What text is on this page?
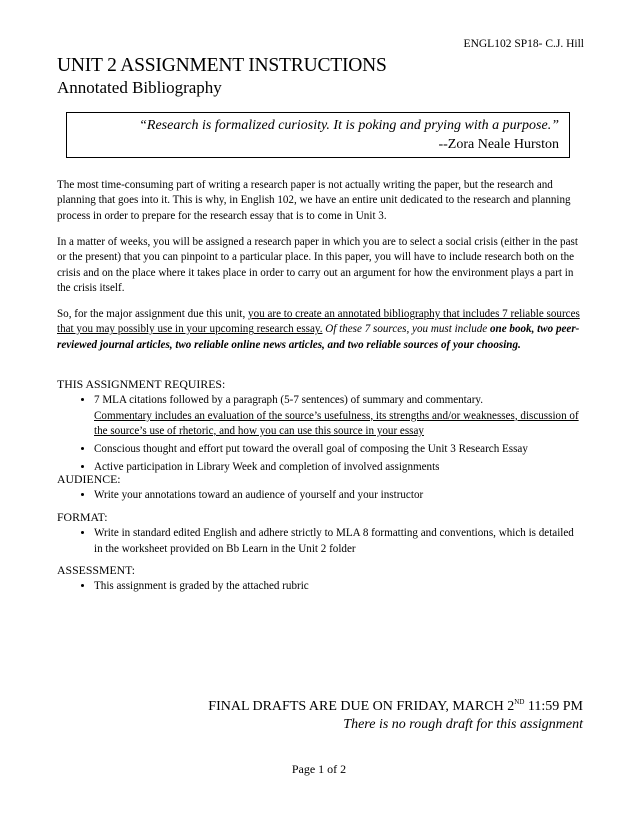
ENGL102 SP18- C.J. Hill
UNIT 2 ASSIGNMENT INSTRUCTIONS
Annotated Bibliography
“Research is formalized curiosity. It is poking and prying with a purpose.”
--Zora Neale Hurston
The most time-consuming part of writing a research paper is not actually writing the paper, but the research and planning that goes into it. This is why, in English 102, we have an entire unit dedicated to the research and planning process in order to prepare for the research essay that is to come in Unit 3.
In a matter of weeks, you will be assigned a research paper in which you are to select a social crisis (either in the past or the present) that you can pinpoint to a particular place. In this paper, you will have to include research both on the crisis and on the place where it takes place in order to carry out an argument for how the environment plays a part in the crisis itself.
So, for the major assignment due this unit, you are to create an annotated bibliography that includes 7 reliable sources that you may possibly use in your upcoming research essay. Of these 7 sources, you must include one book, two peer-reviewed journal articles, two reliable online news articles, and two reliable sources of your choosing.
THIS ASSIGNMENT REQUIRES:
• 7 MLA citations followed by a paragraph (5-7 sentences) of summary and commentary.
Commentary includes an evaluation of the source’s usefulness, its strengths and/or weaknesses, discussion of the source’s use of rhetoric, and how you can use this source in your essay
• Conscious thought and effort put toward the overall goal of composing the Unit 3 Research Essay
• Active participation in Library Week and completion of involved assignments
AUDIENCE:
• Write your annotations toward an audience of yourself and your instructor
FORMAT:
• Write in standard edited English and adhere strictly to MLA 8 formatting and conventions, which is detailed in the worksheet provided on Bb Learn in the Unit 2 folder
ASSESSMENT:
• This assignment is graded by the attached rubric
FINAL DRAFTS ARE DUE ON FRIDAY, MARCH 2ND 11:59 PM
There is no rough draft for this assignment
Page 1 of 2
